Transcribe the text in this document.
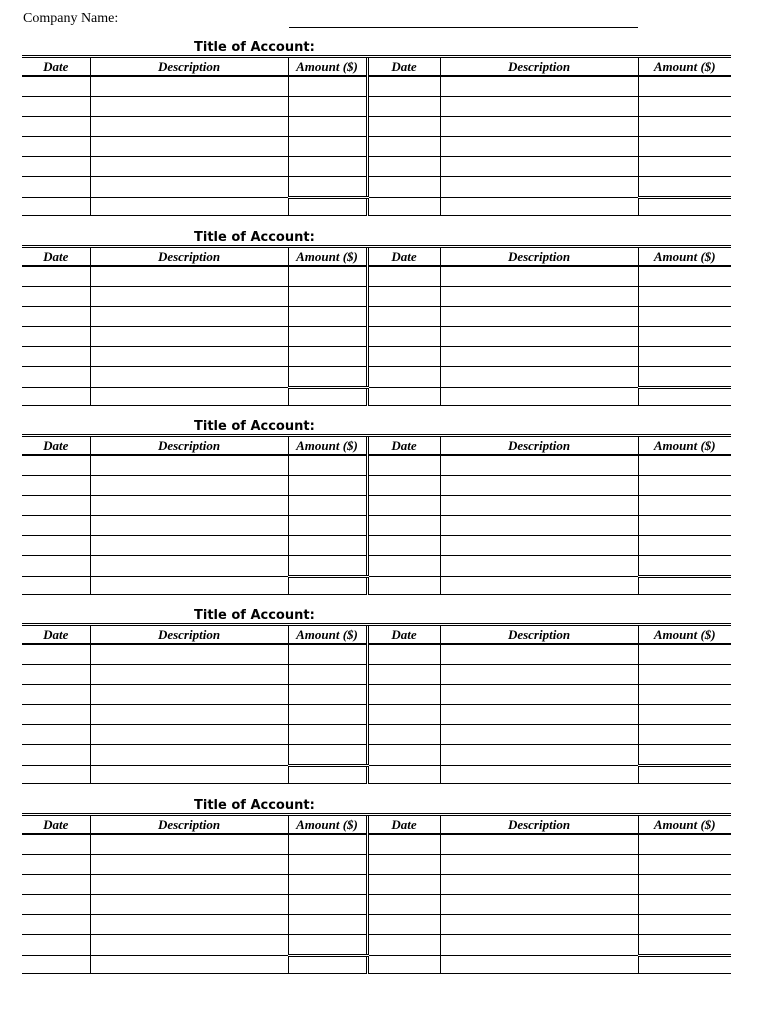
Company Name:
Title of Account:
Date	Description	Amount ($)	Date	Description	Amount ($)

Title of Account:
Date	Description	Amount ($)	Date	Description	Amount ($)

Title of Account:
Date	Description	Amount ($)	Date	Description	Amount ($)

Title of Account:
Date	Description	Amount ($)	Date	Description	Amount ($)

Title of Account:
Date	Description	Amount ($)	Date	Description	Amount ($)
